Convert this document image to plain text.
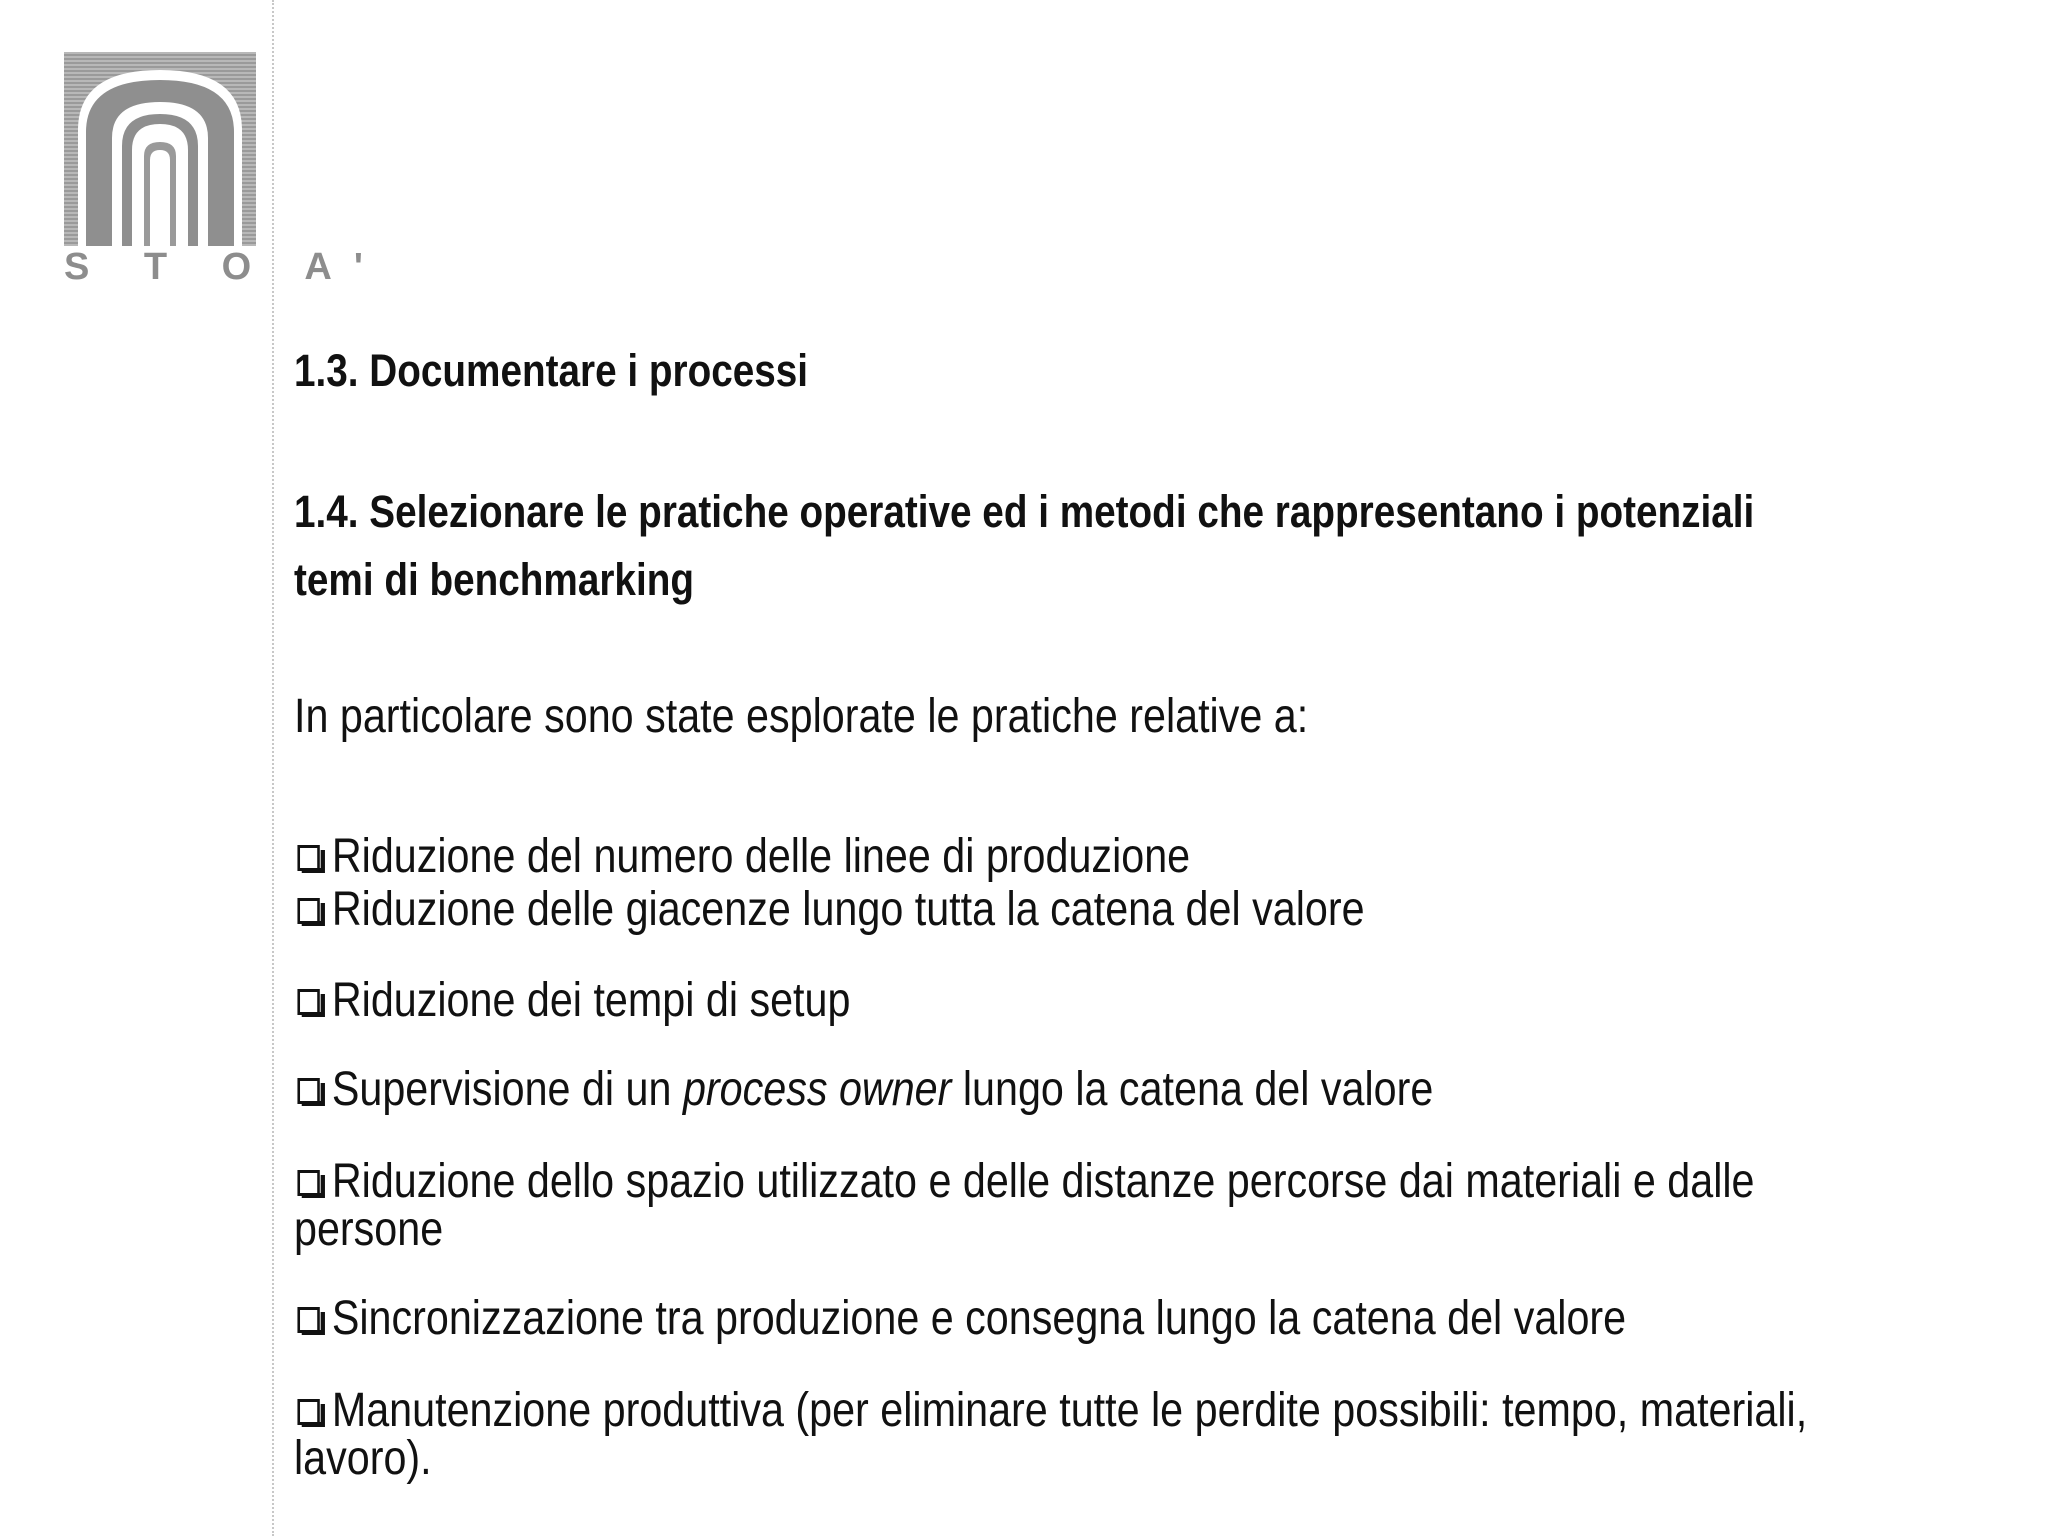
S T O A'
1.3. Documentare i processi
1.4. Selezionare le pratiche operative ed i metodi che rappresentano i potenziali
temi di benchmarking
In particolare sono state esplorate le pratiche relative a:
Riduzione del numero delle linee di produzione
Riduzione delle giacenze lungo tutta la catena del valore
Riduzione dei tempi di setup
Supervisione di un process owner lungo la catena del valore
Riduzione dello spazio utilizzato e delle distanze percorse dai materiali e dalle
persone
Sincronizzazione tra produzione e consegna lungo la catena del valore
Manutenzione produttiva (per eliminare tutte le perdite possibili: tempo, materiali,
lavoro).
